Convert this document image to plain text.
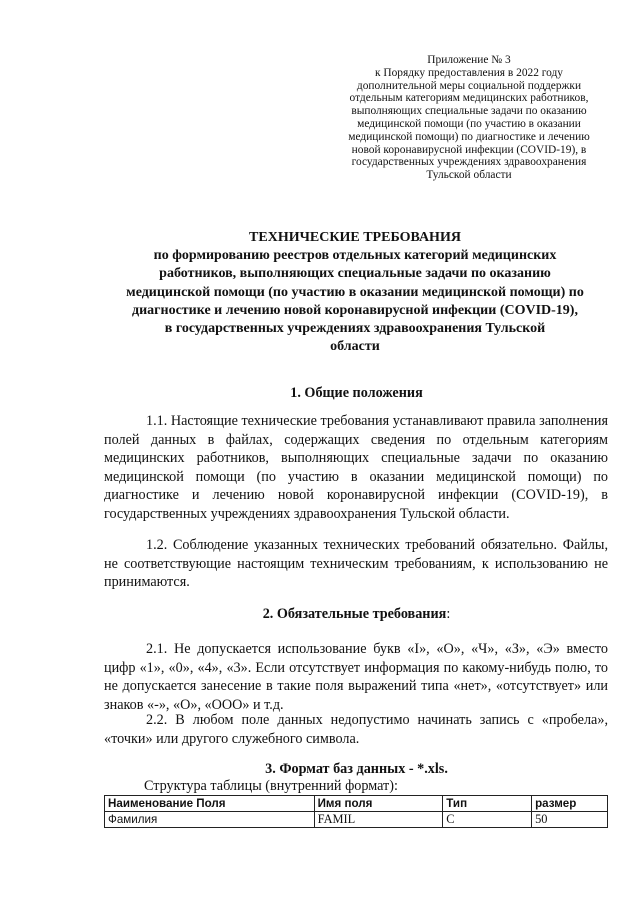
Приложение № 3
к Порядку предоставления в 2022 году
дополнительной меры социальной поддержки
отдельным категориям медицинских работников,
выполняющих специальные задачи по оказанию
медицинской помощи (по участию в оказании
медицинской помощи) по диагностике и лечению
новой коронавирусной инфекции (COVID-19), в
государственных учреждениях здравоохранения
Тульской области
ТЕХНИЧЕСКИЕ ТРЕБОВАНИЯ
по формированию реестров отдельных категорий медицинских
работников, выполняющих специальные задачи по оказанию
медицинской помощи (по участию в оказании медицинской помощи) по
диагностике и лечению новой коронавирусной инфекции (COVID-19),
в государственных учреждениях здравоохранения Тульской
области
1. Общие положения

1.1. Настоящие технические требования устанавливают правила заполнения полей данных в файлах, содержащих сведения по отдельным категориям медицинских работников, выполняющих специальные задачи по оказанию медицинской помощи (по участию в оказании медицинской помощи) по диагностике и лечению новой коронавирусной инфекции (COVID-19), в государственных учреждениях здравоохранения Тульской области.

1.2. Соблюдение указанных технических требований обязательно. Файлы, не соответствующие настоящим техническим требованиям, к использованию не принимаются.

2. Обязательные требования:

2.1. Не допускается использование букв «I», «О», «Ч», «З», «Э» вместо цифр «1», «0», «4», «3». Если отсутствует информация по какому-нибудь полю, то не допускается занесение в такие поля выражений типа «нет», «отсутствует» или знаков «-», «О», «ООО» и т.д.

2.2. В любом поле данных недопустимо начинать запись с «пробела», «точки» или другого служебного символа.

3. Формат баз данных - *.xls.
Структура таблицы (внутренний формат):
Наименование Поля	Имя поля	Тип	размер
Фамилия	FAMIL	С	50
